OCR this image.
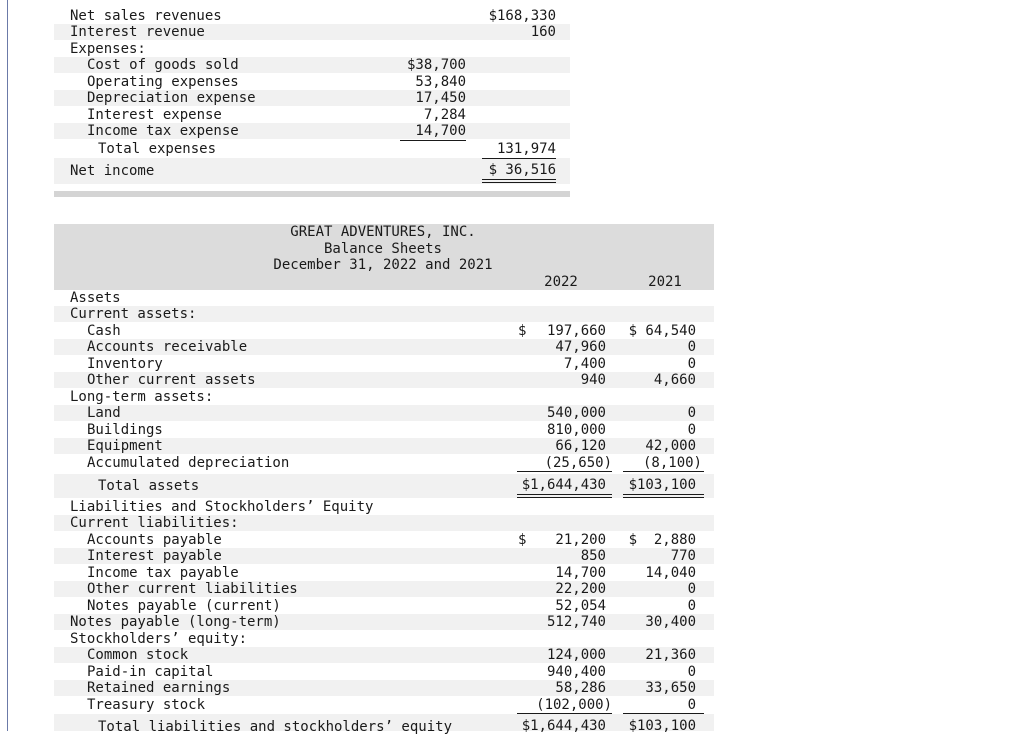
Net sales revenues	$168,330
Interest revenue	160
Expenses:
Cost of goods sold	$38,700
Operating expenses	53,840
Depreciation expense	17,450
Interest expense	7,284
Income tax expense	14,700
Total expenses	131,974
Net income	$ 36,516
GREAT ADVENTURES, INC.
Balance Sheets
December 31, 2022 and 2021
2022	2021
Assets
Current assets:
Cash	$	197,660	$ 64,540
Accounts receivable	47,960	0
Inventory	7,400	0
Other current assets	940	4,660
Long-term assets:
Land	540,000	0
Buildings	810,000	0
Equipment	66,120	42,000
Accumulated depreciation	(25,650)	(8,100)
Total assets	$1,644,430	$103,100
Liabilities and Stockholders’ Equity
Current liabilities:
Accounts payable	$	21,200	$  2,880
Interest payable	850	770
Income tax payable	14,700	14,040
Other current liabilities	22,200	0
Notes payable (current)	52,054	0
Notes payable (long-term)	512,740	30,400
Stockholders’ equity:
Common stock	124,000	21,360
Paid-in capital	940,400	0
Retained earnings	58,286	33,650
Treasury stock	(102,000)	0
Total liabilities and stockholders’ equity	$1,644,430	$103,100
